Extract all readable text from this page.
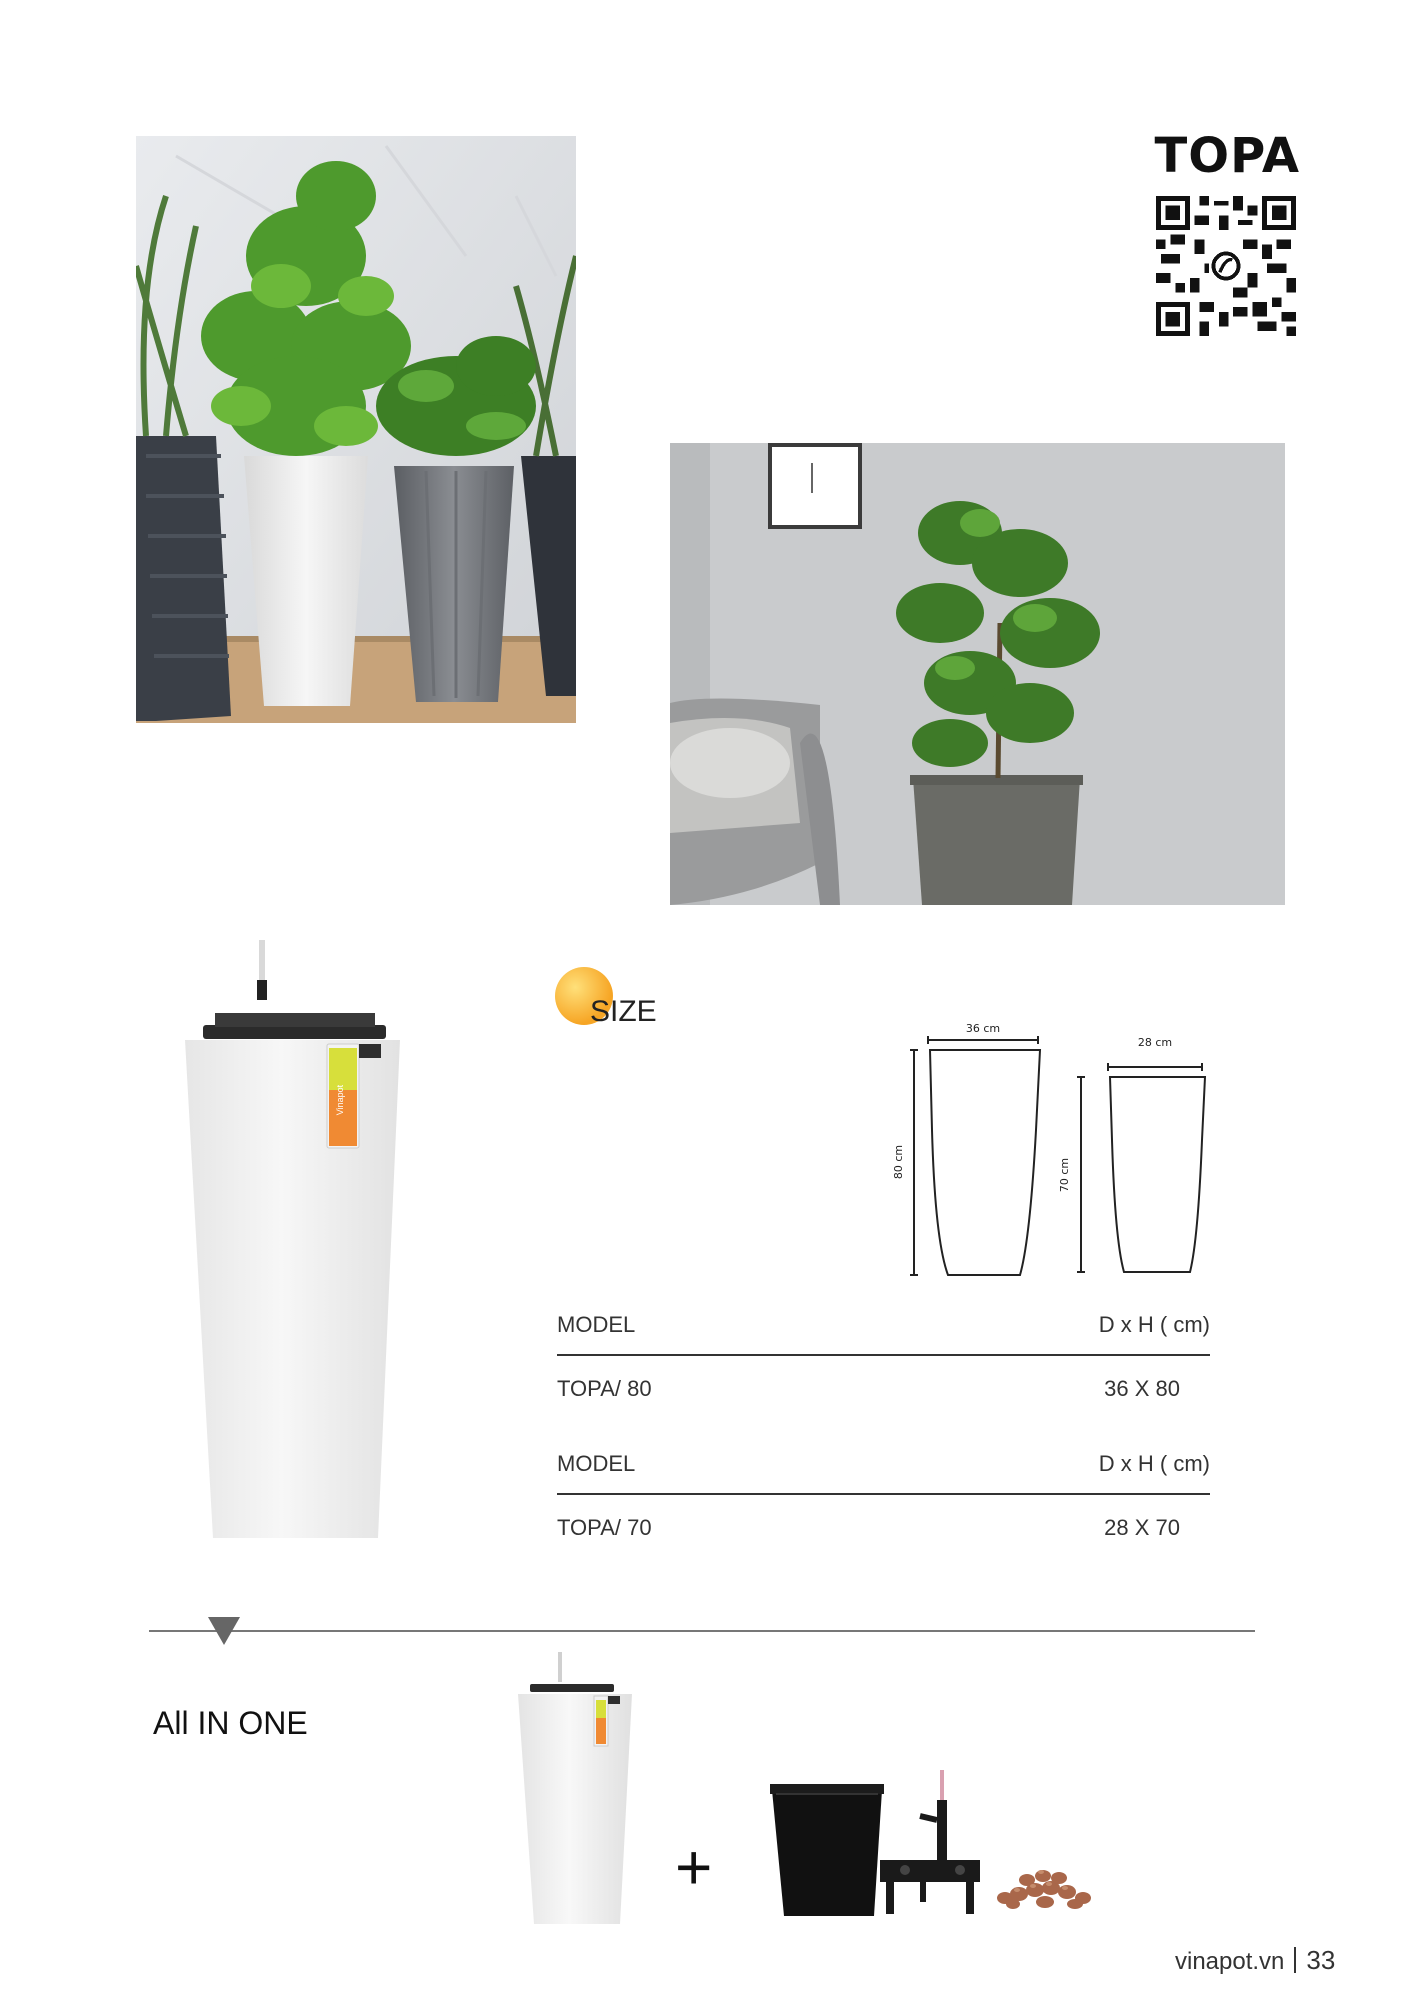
TOPA
Vinapot
SIZE
36 cm
80 cm
28 cm
70 cm
MODEL	D x H ( cm)
TOPA/ 80	36 X 80
MODEL	D x H ( cm)
TOPA/ 70	28 X 70
All IN ONE
+
vinapot.vn 33
